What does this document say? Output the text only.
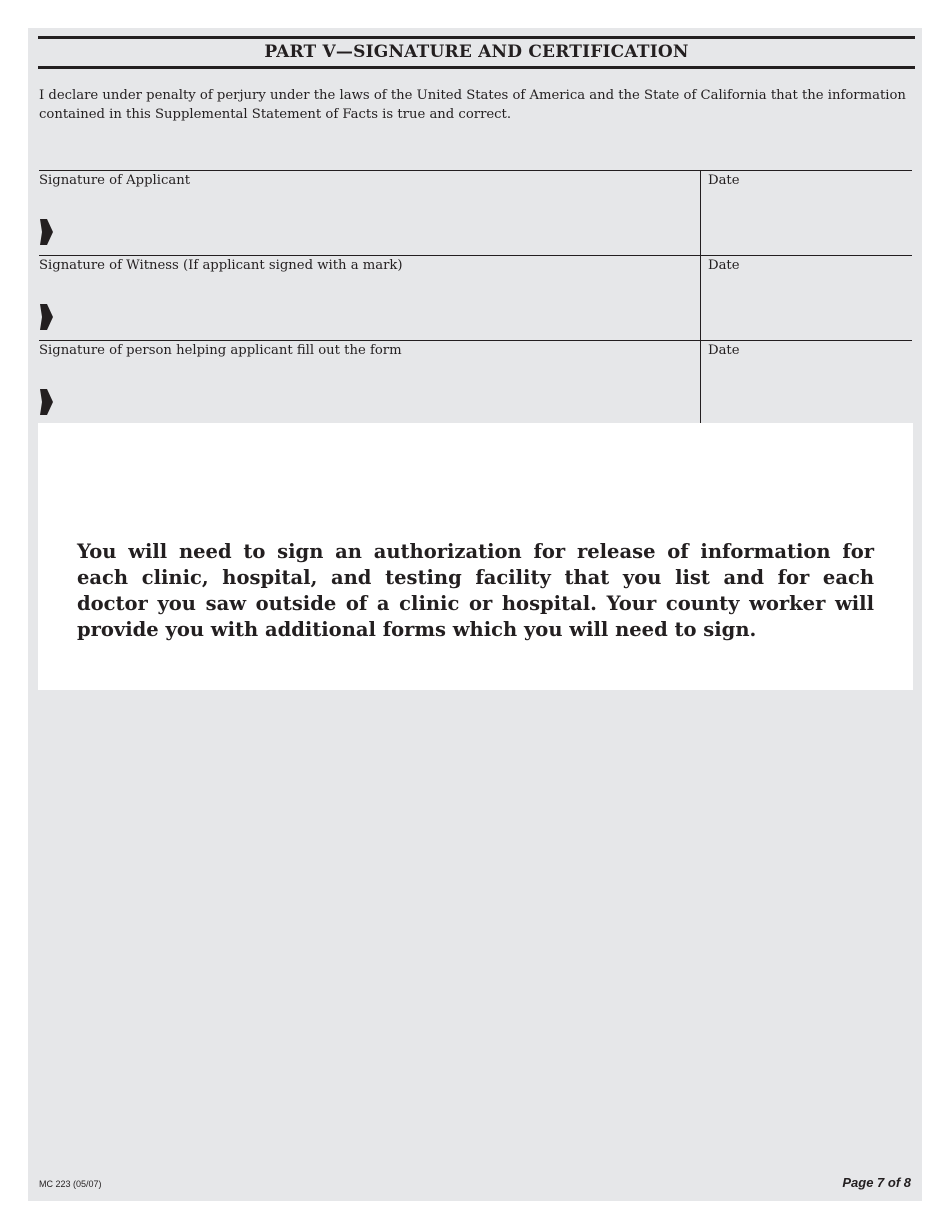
PART V—SIGNATURE AND CERTIFICATION
I declare under penalty of perjury under the laws of the United States of America and the State of California that the information contained in this Supplemental Statement of Facts is true and correct.
Signature of Applicant	Date
Signature of Witness (If applicant signed with a mark)	Date
Signature of person helping applicant fill out the form	Date
You will need to sign an authorization for release of information for each clinic, hospital, and testing facility that you list and for each doctor you saw outside of a clinic or hospital. Your county worker will provide you with additional forms which you will need to sign.
MC 223 (05/07)	Page 7 of 8
